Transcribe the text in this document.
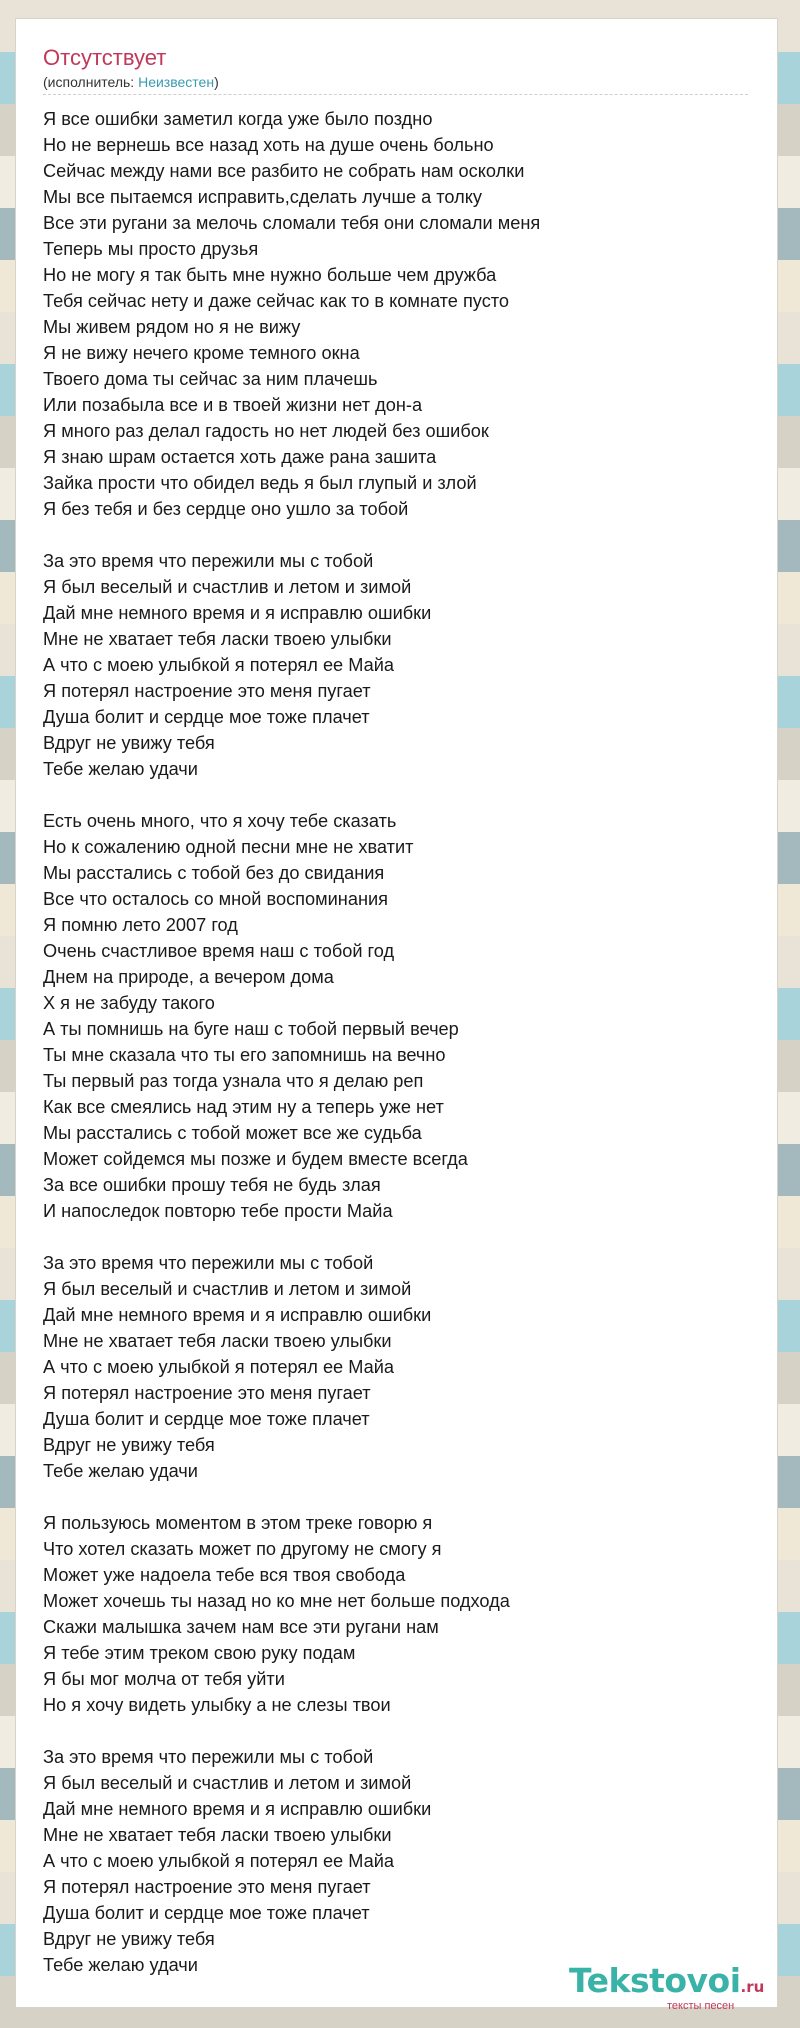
Отсутствует
(исполнитель: Неизвестен)
Я все ошибки заметил когда уже было поздно
Но не вернешь все назад хоть на душе очень больно
Сейчас между нами все разбито не собрать нам осколки
Мы все пытаемся исправить,сделать лучше а толку
Все эти ругани за мелочь сломали тебя они сломали меня
Теперь мы просто друзья
Но не могу я так быть мне нужно больше чем дружба
Тебя сейчас нету и даже сейчас как то в комнате пусто
Мы живем рядом но я не вижу
Я не вижу нечего кроме темного окна
Твоего дома ты сейчас за ним плачешь
Или позабыла все и в твоей жизни нет дон-а
Я много раз делал гадость но нет людей без ошибок
Я знаю шрам остается хоть даже рана зашита
Зайка прости что обидел ведь я был глупый и злой
Я без тебя и без сердце оно ушло за тобой
За это время что пережили мы с тобой
Я был веселый и счастлив и летом и зимой
Дай мне немного время и я исправлю ошибки
Мне не хватает тебя ласки твоею улыбки
А что с моею улыбкой я потерял ее Майа
Я потерял настроение это меня пугает
Душа болит и сердце мое тоже плачет
Вдруг не увижу тебя
Тебе желаю удачи
Есть очень много, что я хочу тебе сказать
Но к сожалению одной песни мне не хватит
Мы расстались с тобой без до свидания
Все что осталось со мной воспоминания
Я помню лето 2007 год
Очень счастливое время наш с тобой год
Днем на природе, а вечером дома
Х я не забуду такого
А ты помнишь на буге наш с тобой первый вечер
Ты мне сказала что ты его запомнишь на вечно
Ты первый раз тогда узнала что я делаю реп
Как все смеялись над этим ну а теперь уже нет
Мы расстались с тобой может все же судьба
Может сойдемся мы позже и будем вместе всегда
За все ошибки прошу тебя не будь злая
И напоследок повторю тебе прости Майа
За это время что пережили мы с тобой
Я был веселый и счастлив и летом и зимой
Дай мне немного время и я исправлю ошибки
Мне не хватает тебя ласки твоею улыбки
А что с моею улыбкой я потерял ее Майа
Я потерял настроение это меня пугает
Душа болит и сердце мое тоже плачет
Вдруг не увижу тебя
Тебе желаю удачи
Я пользуюсь моментом в этом треке говорю я
Что хотел сказать может по другому не смогу я
Может уже надоела тебе вся твоя свобода
Может хочешь ты назад но ко мне нет больше подхода
Скажи малышка зачем нам все эти ругани нам
Я тебе этим треком свою руку подам
Я бы мог молча от тебя уйти
Но я хочу видеть улыбку а не слезы твои
За это время что пережили мы с тобой
Я был веселый и счастлив и летом и зимой
Дай мне немного время и я исправлю ошибки
Мне не хватает тебя ласки твоею улыбки
А что с моею улыбкой я потерял ее Майа
Я потерял настроение это меня пугает
Душа болит и сердце мое тоже плачет
Вдруг не увижу тебя
Тебе желаю удачи	Tekstovoi.ru
тексты песен
